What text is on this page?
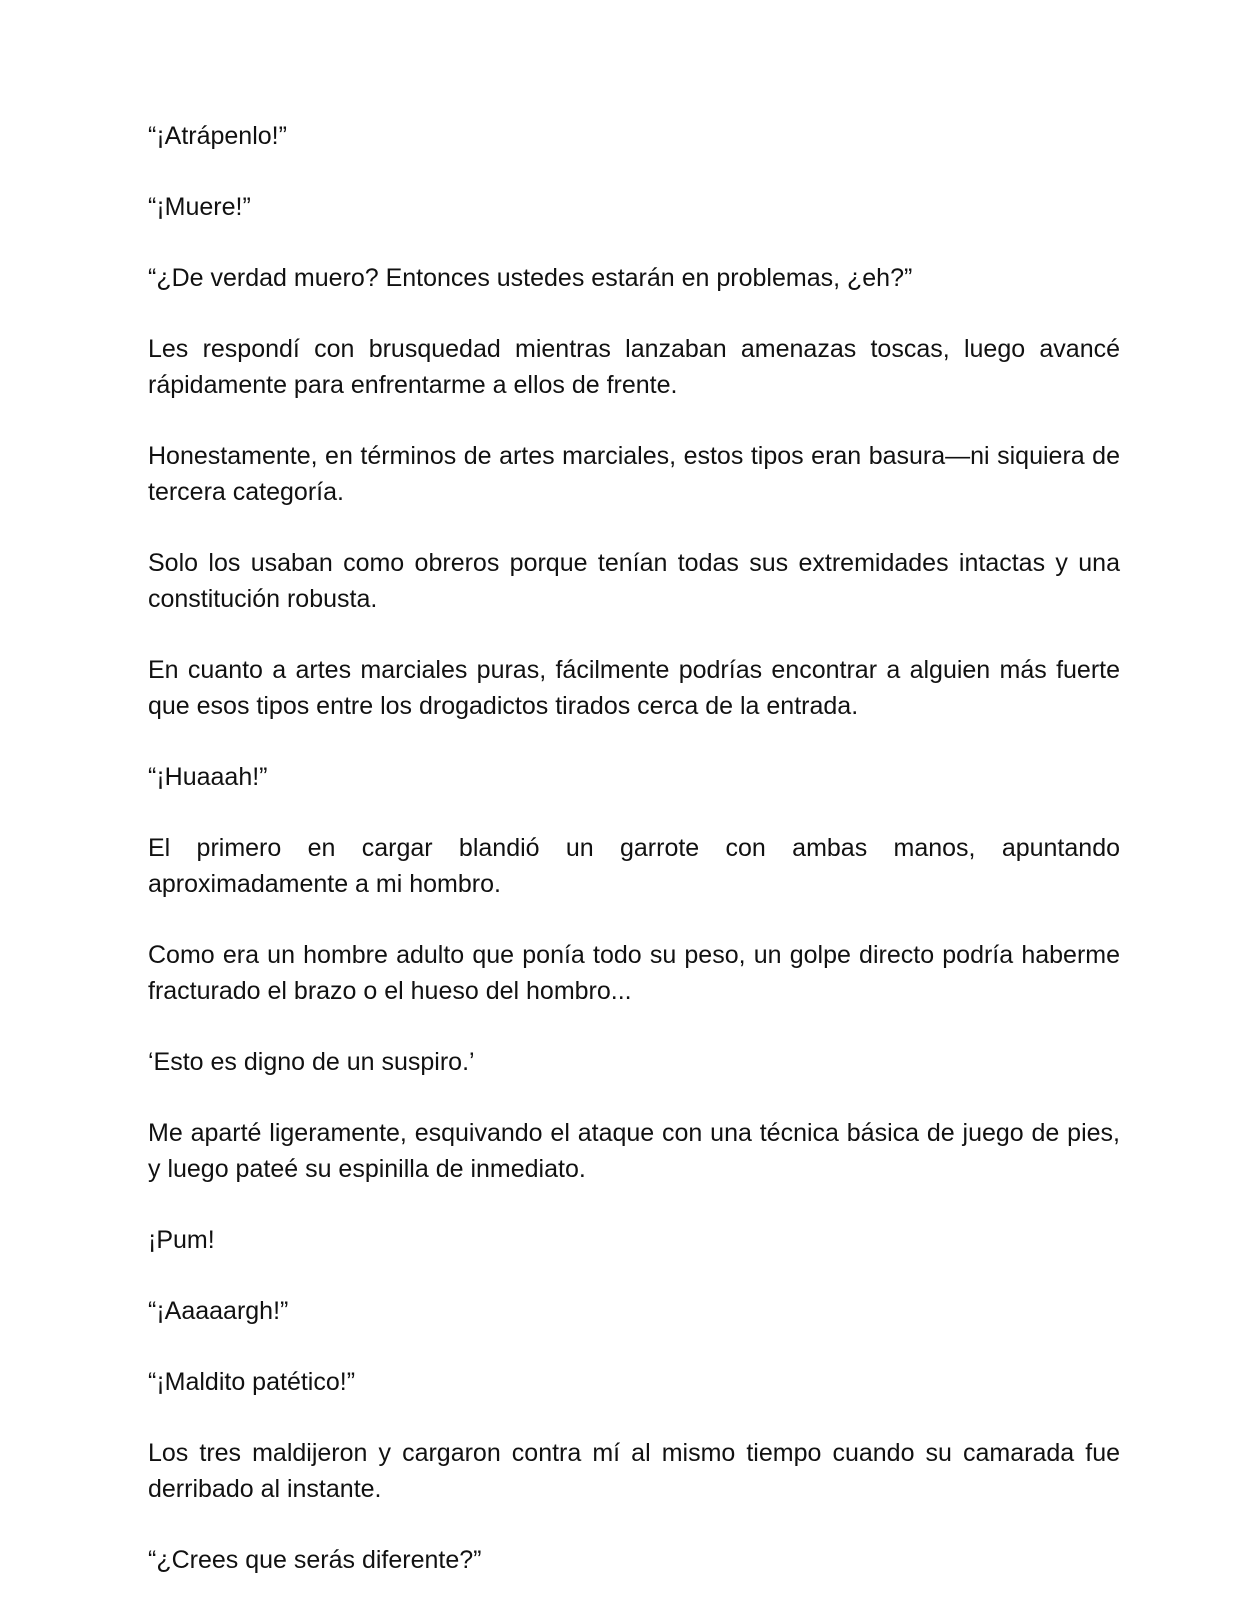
“¡Atrápenlo!”

“¡Muere!”

“¿De verdad muero? Entonces ustedes estarán en problemas, ¿eh?”

Les respondí con brusquedad mientras lanzaban amenazas toscas, luego avancé rápidamente para enfrentarme a ellos de frente.

Honestamente, en términos de artes marciales, estos tipos eran basura—ni siquiera de tercera categoría.

Solo los usaban como obreros porque tenían todas sus extremidades intactas y una constitución robusta.

En cuanto a artes marciales puras, fácilmente podrías encontrar a alguien más fuerte que esos tipos entre los drogadictos tirados cerca de la entrada.

“¡Huaaah!”

El primero en cargar blandió un garrote con ambas manos, apuntando aproximadamente a mi hombro.

Como era un hombre adulto que ponía todo su peso, un golpe directo podría haberme fracturado el brazo o el hueso del hombro...

‘Esto es digno de un suspiro.’

Me aparté ligeramente, esquivando el ataque con una técnica básica de juego de pies, y luego pateé su espinilla de inmediato.

¡Pum!

“¡Aaaaargh!”

“¡Maldito patético!”

Los tres maldijeron y cargaron contra mí al mismo tiempo cuando su camarada fue derribado al instante.

“¿Crees que serás diferente?”
